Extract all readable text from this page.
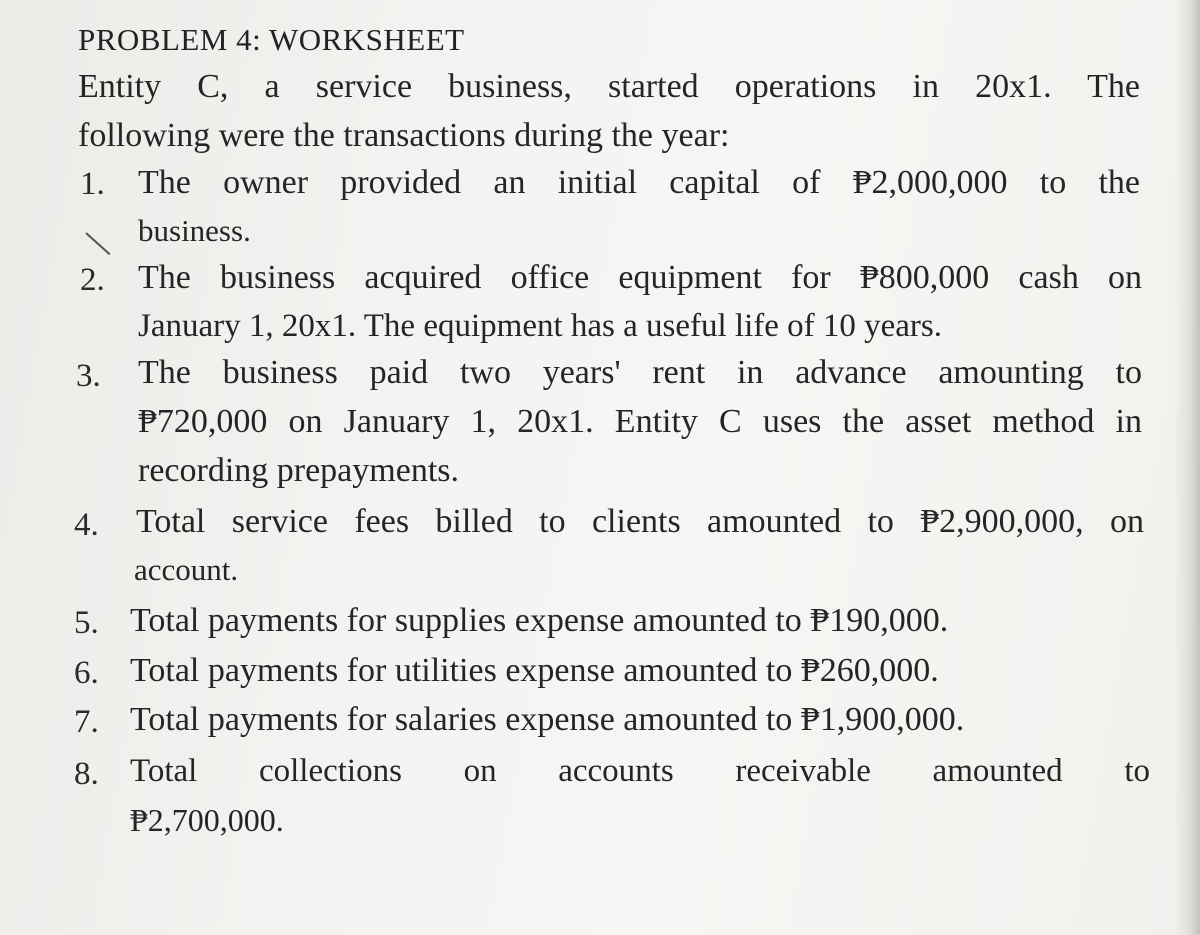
PROBLEM 4: WORKSHEET
Entity C, a service business, started operations in 20x1. The
following were the transactions during the year:
1. The owner provided an initial capital of ₱2,000,000 to the
business.
2. The business acquired office equipment for ₱800,000 cash on
January 1, 20x1. The equipment has a useful life of 10 years.
3. The business paid two years' rent in advance amounting to
₱720,000 on January 1, 20x1. Entity C uses the asset method in
recording prepayments.
4. Total service fees billed to clients amounted to ₱2,900,000, on
account.
5. Total payments for supplies expense amounted to ₱190,000.
6. Total payments for utilities expense amounted to ₱260,000.
7. Total payments for salaries expense amounted to ₱1,900,000.
8. Total collections on accounts receivable amounted to
₱2,700,000.
